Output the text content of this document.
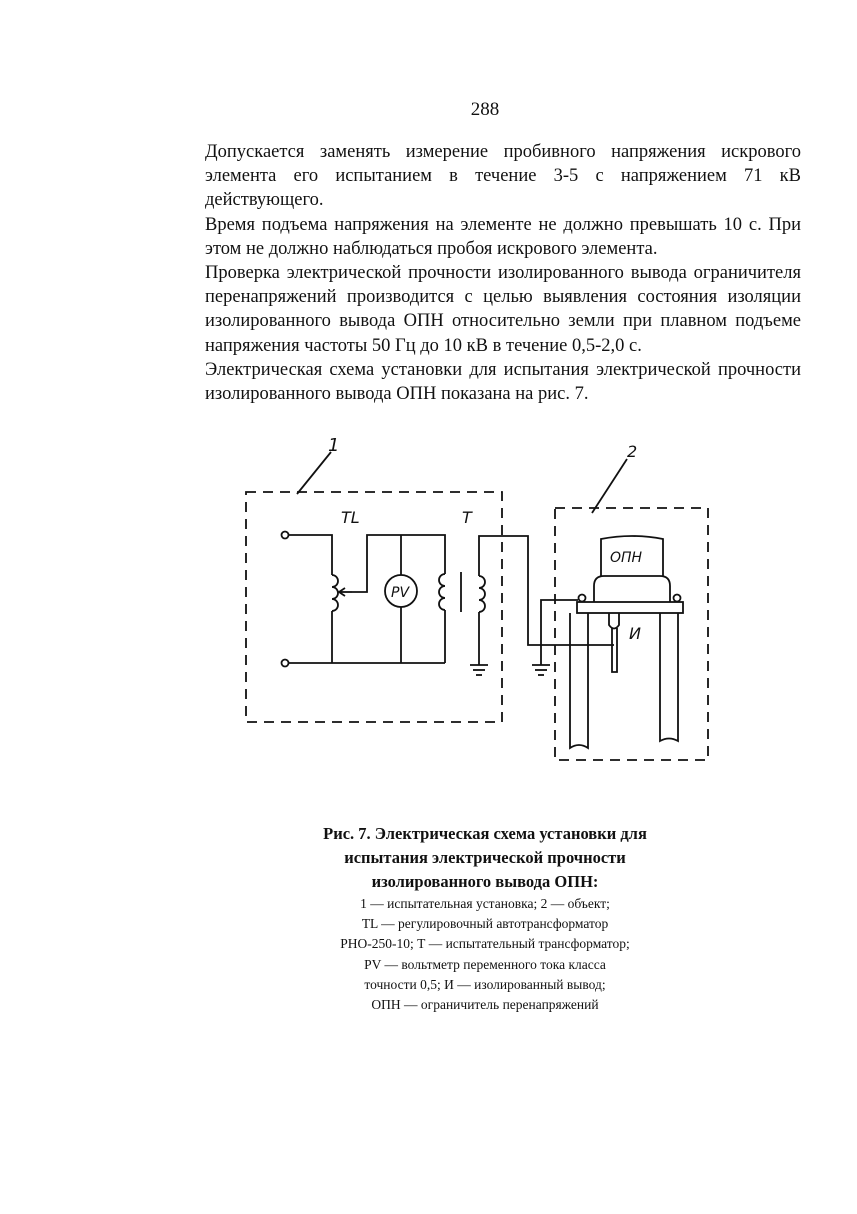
288

Допускается заменять измерение пробивного напряжения искрового элемента его испытанием в течение 3-5 с напряжением 71 кВ действующего.

Время подъема напряжения на элементе не должно превышать 10 с. При этом не должно наблюдаться пробоя искрового элемента.

Проверка электрической прочности изолированного вывода ограничителя перенапряжений производится с целью выявления состояния изоляции изолированного вывода ОПН относительно земли при плавном подъеме напряжения частоты 50 Гц до 10 кВ в течение 0,5-2,0 с.

Электрическая схема установки для испытания электрической прочности изолированного вывода ОПН показана на рис. 7.

1	2
TL	T
PV
ОПН
И

Рис. 7. Электрическая схема установки для

испытания электрической прочности

изолированного вывода ОПН:

1 — испытательная установка; 2 — объект;

TL — регулировочный автотрансформатор

РНО-250-10; Т — испытательный трансформатор;

PV — вольтметр переменного тока класса

точности 0,5; И — изолированный вывод;

ОПН — ограничитель перенапряжений
